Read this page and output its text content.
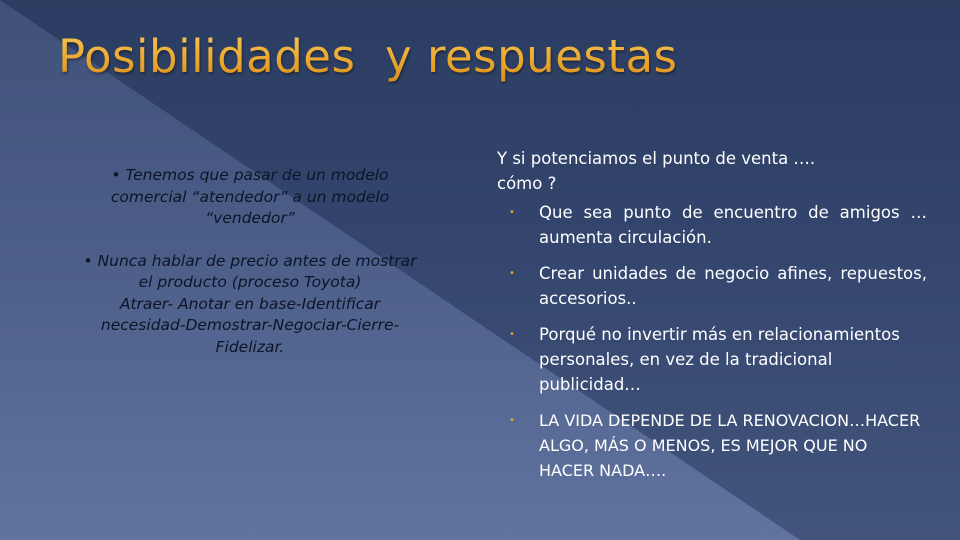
Posibilidades  y respuestas

• Tenemos que pasar de un modelo comercial “atendedor” a un modelo “vendedor”

• Nunca hablar de precio antes de mostrar el producto (proceso Toyota)

Atraer- Anotar en base-Identificar necesidad-Demostrar-Negociar-Cierre-Fidelizar.

Y si potenciamos el punto de venta ….

cómo ?

• Que sea punto de encuentro de amigos …aumenta circulación.
• Crear unidades de negocio afines, repuestos, accesorios..
• Porqué no invertir más en relacionamientos personales, en vez de la tradicional publicidad…
• LA VIDA DEPENDE DE LA RENOVACION…HACER ALGO, MÁS O MENOS, ES MEJOR QUE NO HACER NADA….
